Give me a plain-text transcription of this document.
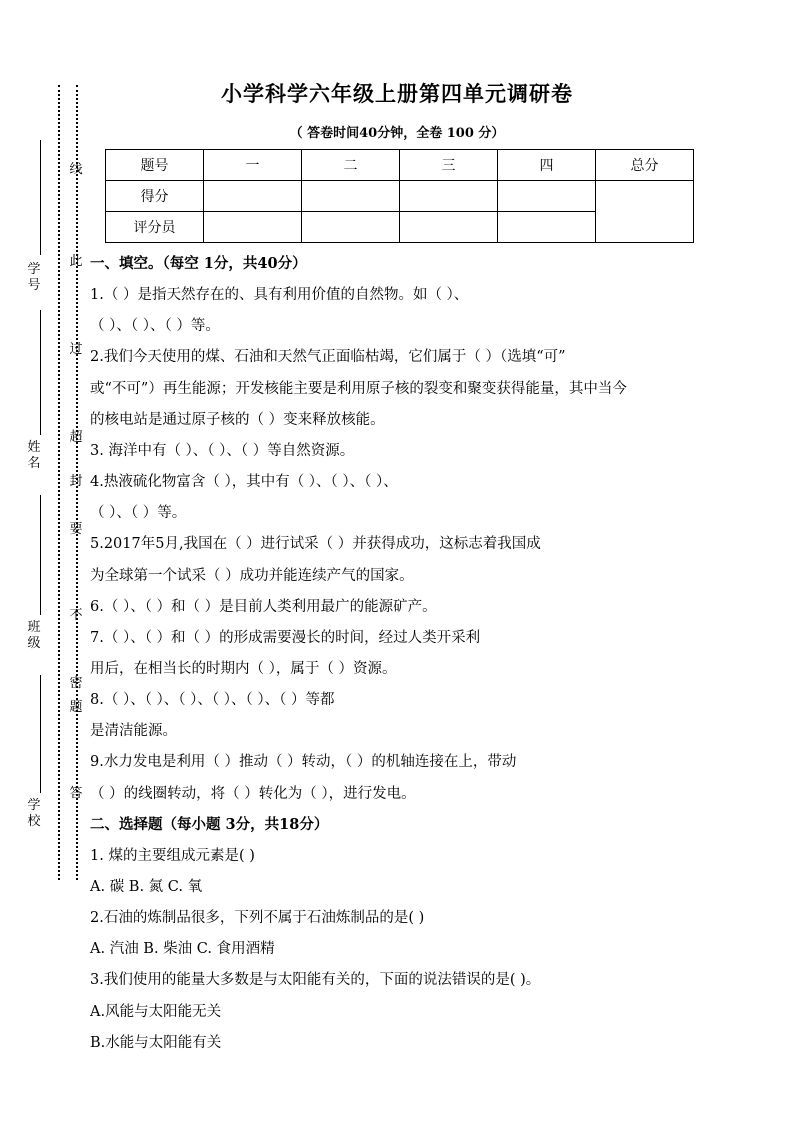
学号
姓名
班级
学校
线
此
过
超
封
要
不
密
题
答
小学科学六年级上册第四单元调研卷
（ 答卷时间40分钟，全卷 100 分）
题号	一	二	三	四	总分
得分					
评分员					
一、填空。（每空 1分，共40分）
1.（ ）是指天然存在的、具有利用价值的自然物。如（ ）、
（ ）、（ ）、（ ）等。
2.我们今天使用的煤、石油和天然气正面临枯竭，它们属于（ ）（选填“可”
或“不可”）再生能源；开发核能主要是利用原子核的裂变和聚变获得能量，其中当今
的核电站是通过原子核的（ ）变来释放核能。
3. 海洋中有（ ）、（ ）、（ ）等自然资源。
4.热液硫化物富含（ ），其中有（ ）、（ ）、（ ）、
（ ）、（ ）等。
5.2017年5月,我国在（ ）进行试采（ ）并获得成功，这标志着我国成
为全球第一个试采（ ）成功并能连续产气的国家。
6.（ ）、（ ）和（ ）是目前人类利用最广的能源矿产。
7.（ ）、（ ）和（ ）的形成需要漫长的时间，经过人类开采利
用后，在相当长的时期内（ ），属于（ ）资源。
8.（ ）、（ ）、（ ）、（ ）、（ ）、（ ）等都
是清洁能源。
9.水力发电是利用（ ）推动（ ）转动，（ ）的机轴连接在上，带动
（ ）的线圈转动，将（ ）转化为（ ），进行发电。
二、选择题（每小题 3分，共18分）
1. 煤的主要组成元素是( )
A. 碳 B. 氮 C. 氧
2.石油的炼制品很多，下列不属于石油炼制品的是( )
A. 汽油 B. 柴油 C. 食用酒精
3.我们使用的能量大多数是与太阳能有关的，下面的说法错误的是( )。
A.风能与太阳能无关
B.水能与太阳能有关
